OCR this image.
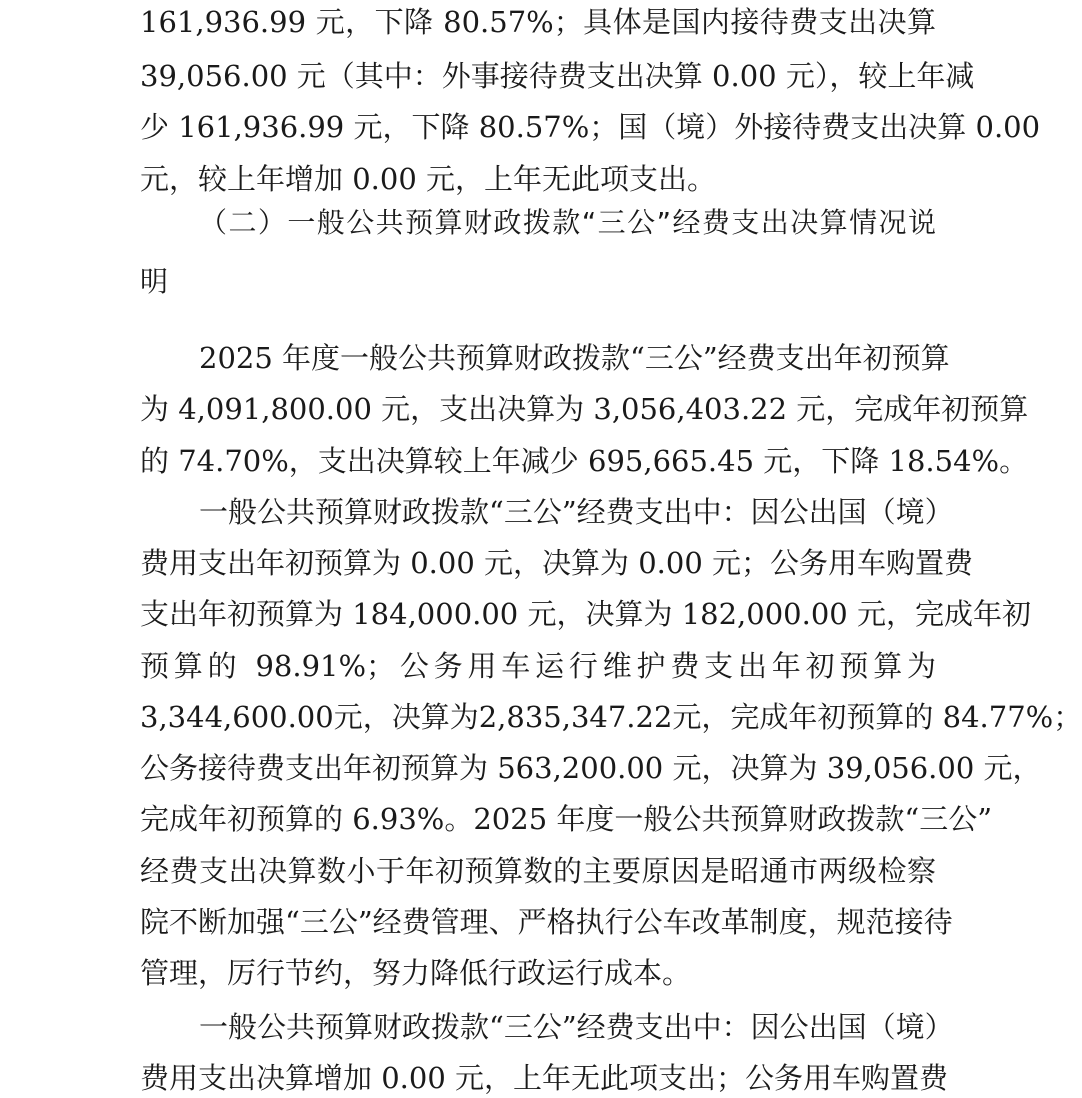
161,936.99 元，下降 80.57%；具体是国内接待费支出决算
39,056.00 元（其中：外事接待费支出决算 0.00 元），较上年减
少 161,936.99 元，下降 80.57%；国（境）外接待费支出决算 0.00
元，较上年增加 0.00 元，上年无此项支出。
（二）一般公共预算财政拨款“三公”经费支出决算情况说
明
2025 年度一般公共预算财政拨款“三公”经费支出年初预算
为 4,091,800.00 元，支出决算为 3,056,403.22 元，完成年初预算
的 74.70%，支出决算较上年减少 695,665.45 元，下降 18.54%。
一般公共预算财政拨款“三公”经费支出中：因公出国（境）
费用支出年初预算为 0.00 元，决算为 0.00 元；公务用车购置费
支出年初预算为 184,000.00 元，决算为 182,000.00 元，完成年初
预算的 98.91%；公务用车运行维护费支出年初预算为
3,344,600.00元，决算为2,835,347.22元，完成年初预算的 84.77%；
公务接待费支出年初预算为 563,200.00 元，决算为 39,056.00 元，
完成年初预算的 6.93%。2025 年度一般公共预算财政拨款“三公”
经费支出决算数小于年初预算数的主要原因是昭通市两级检察
院不断加强“三公”经费管理、严格执行公车改革制度，规范接待
管理，厉行节约，努力降低行政运行成本。
一般公共预算财政拨款“三公”经费支出中：因公出国（境）
费用支出决算增加 0.00 元，上年无此项支出；公务用车购置费
